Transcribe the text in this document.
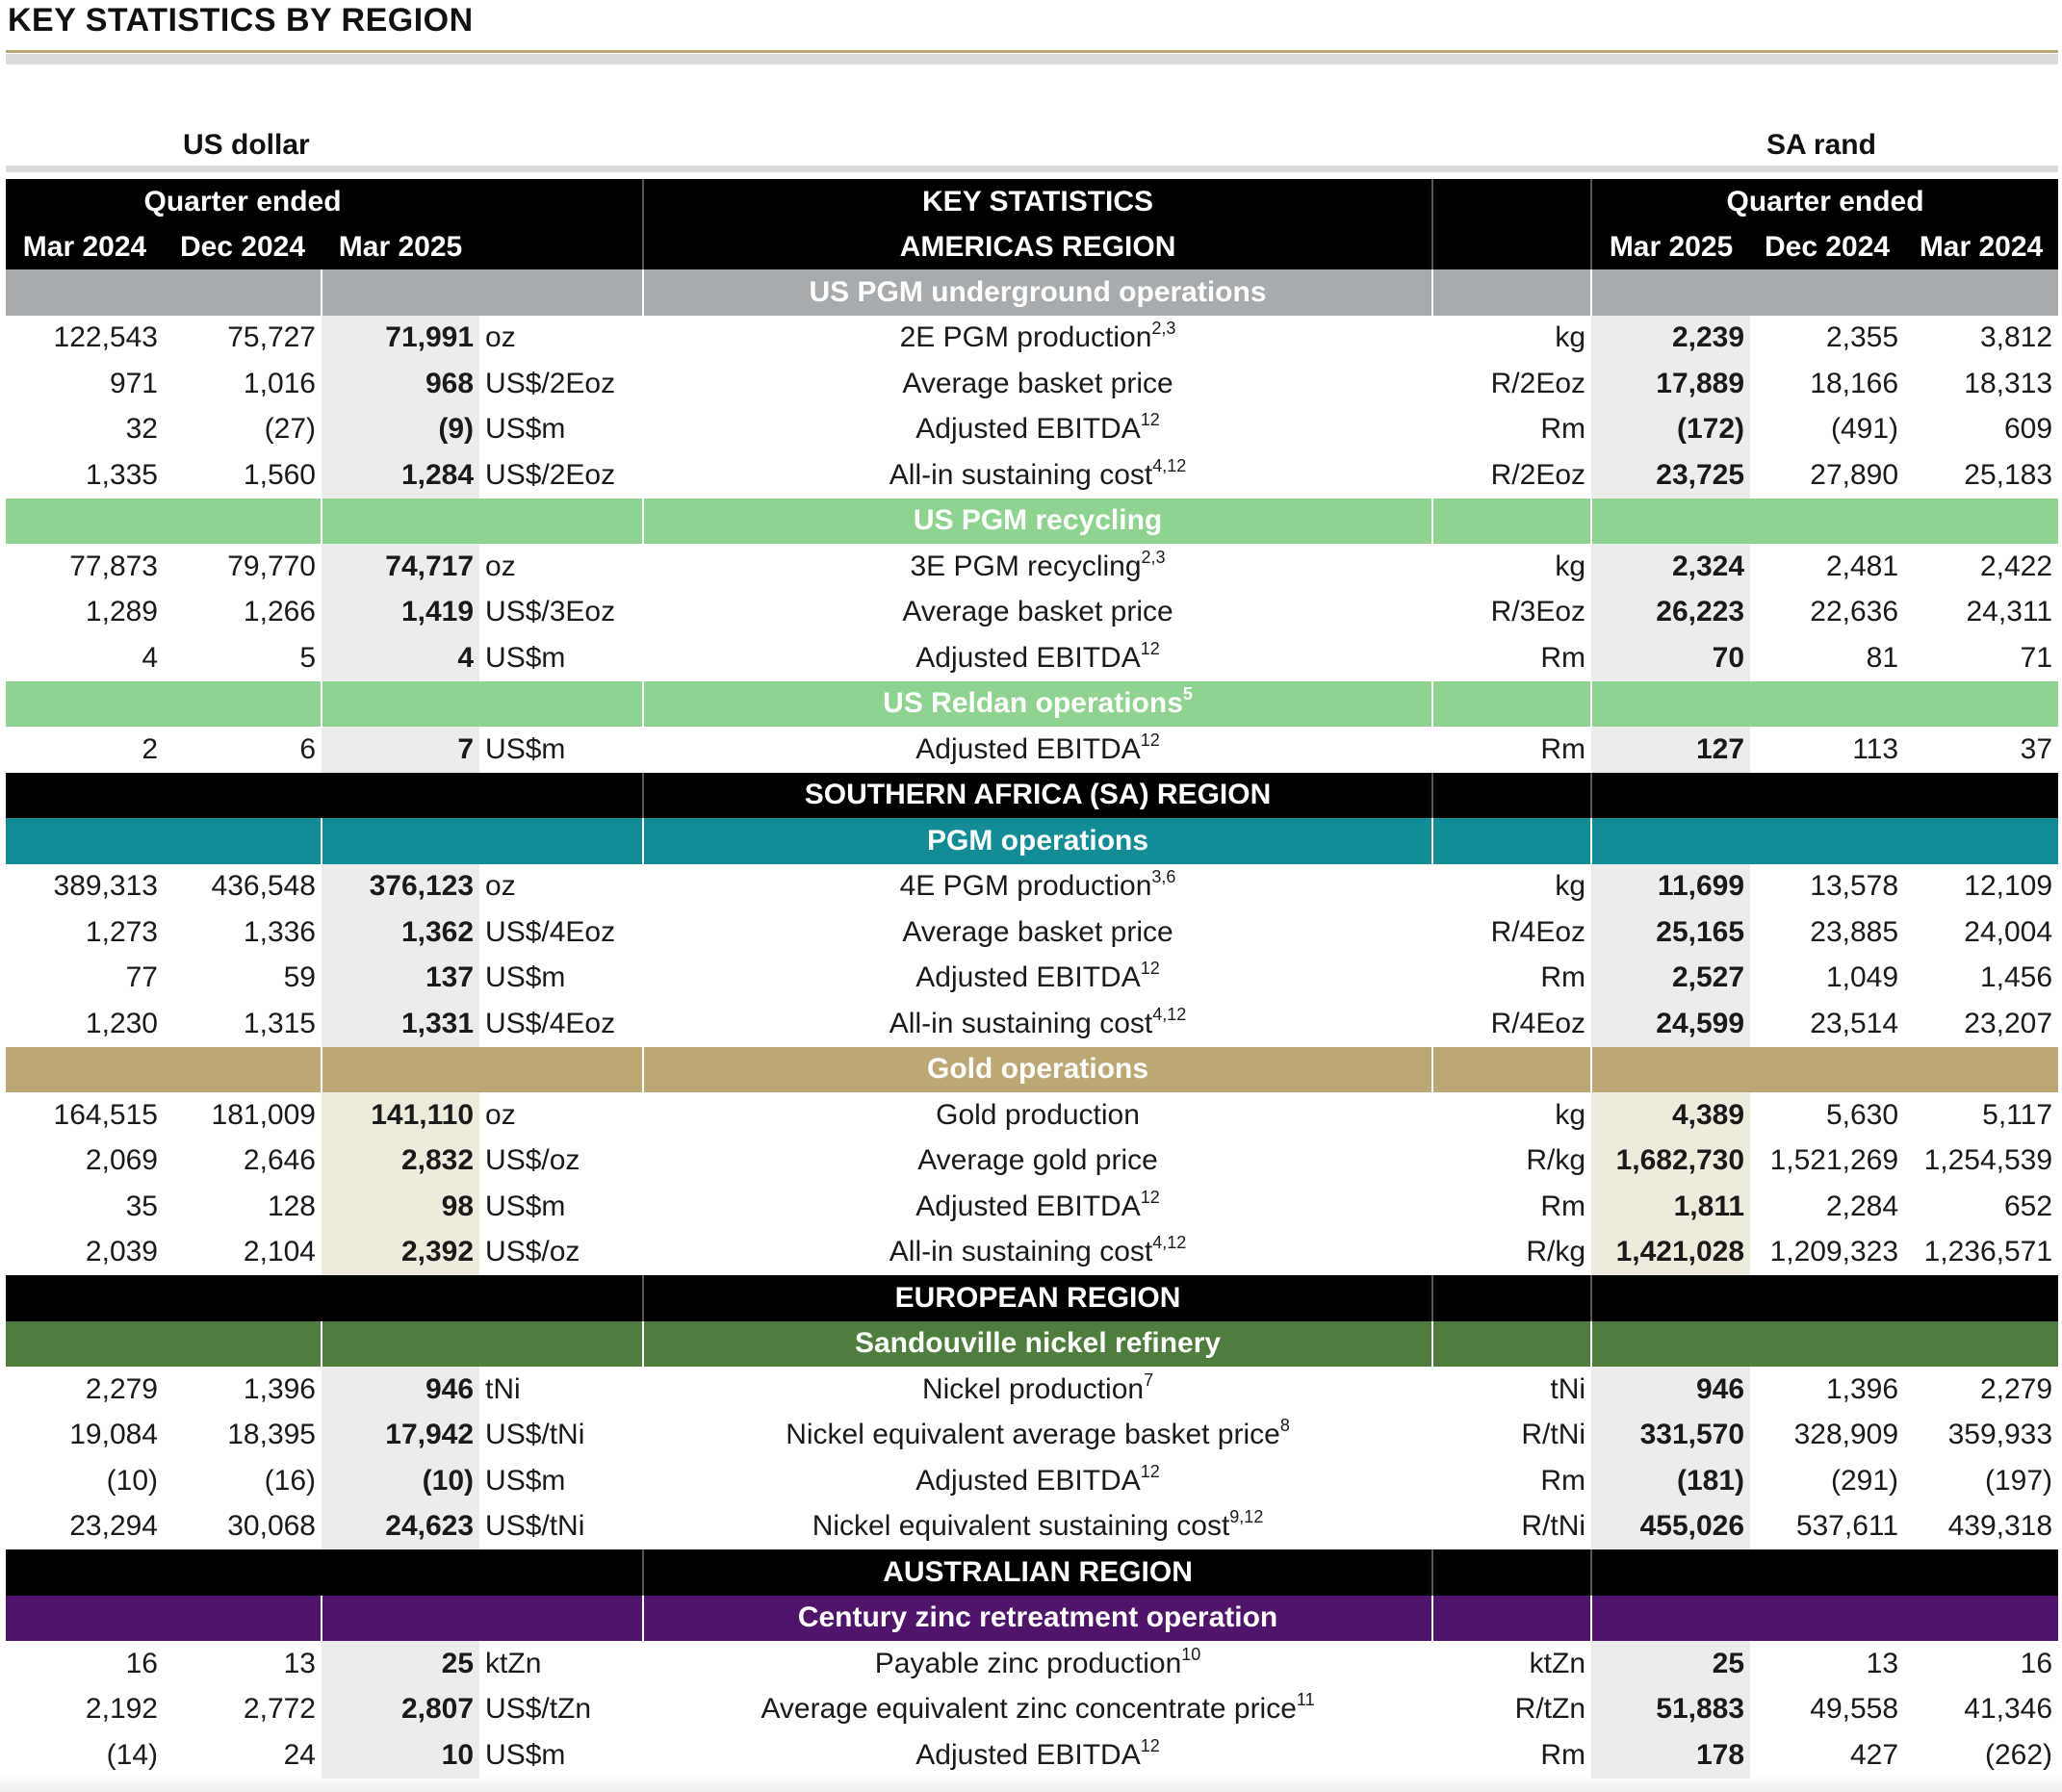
KEY STATISTICS BY REGION
US dollar	SA rand
Quarter ended				KEY STATISTICS		Quarter ended		
Mar 2024	Dec 2024	Mar 2025		AMERICAS REGION		Mar 2025	Dec 2024	Mar 2024
				US PGM underground operations				
122,543	75,727	71,991	oz	2E PGM production$^{2,3}$	kg	2,239	2,355	3,812
971	1,016	968	US$/2Eoz	Average basket price	R/2Eoz	17,889	18,166	18,313
32	(27)	(9)	US$m	Adjusted EBITDA$^{12}$	Rm	(172)	(491)	609
1,335	1,560	1,284	US$/2Eoz	All-in sustaining cost$^{4,12}$	R/2Eoz	23,725	27,890	25,183
				US PGM recycling				
77,873	79,770	74,717	oz	3E PGM recycling$^{2,3}$	kg	2,324	2,481	2,422
1,289	1,266	1,419	US$/3Eoz	Average basket price	R/3Eoz	26,223	22,636	24,311
4	5	4	US$m	Adjusted EBITDA$^{12}$	Rm	70	81	71
				US Reldan operations$^5$				
2	6	7	US$m	Adjusted EBITDA$^{12}$	Rm	127	113	37
				SOUTHERN AFRICA (SA) REGION				
				PGM operations				
389,313	436,548	376,123	oz	4E PGM production$^{3,6}$	kg	11,699	13,578	12,109
1,273	1,336	1,362	US$/4Eoz	Average basket price	R/4Eoz	25,165	23,885	24,004
77	59	137	US$m	Adjusted EBITDA$^{12}$	Rm	2,527	1,049	1,456
1,230	1,315	1,331	US$/4Eoz	All-in sustaining cost$^{4,12}$	R/4Eoz	24,599	23,514	23,207
				Gold operations				
164,515	181,009	141,110	oz	Gold production	kg	4,389	5,630	5,117
2,069	2,646	2,832	US$/oz	Average gold price	R/kg	1,682,730	1,521,269	1,254,539
35	128	98	US$m	Adjusted EBITDA$^{12}$	Rm	1,811	2,284	652
2,039	2,104	2,392	US$/oz	All-in sustaining cost$^{4,12}$	R/kg	1,421,028	1,209,323	1,236,571
				EUROPEAN REGION				
				Sandouville nickel refinery				
2,279	1,396	946	tNi	Nickel production$^7$	tNi	946	1,396	2,279
19,084	18,395	17,942	US$/tNi	Nickel equivalent average basket price$^8$	R/tNi	331,570	328,909	359,933
(10)	(16)	(10)	US$m	Adjusted EBITDA$^{12}$	Rm	(181)	(291)	(197)
23,294	30,068	24,623	US$/tNi	Nickel equivalent sustaining cost$^{9,12}$	R/tNi	455,026	537,611	439,318
				AUSTRALIAN REGION				
				Century zinc retreatment operation				
16	13	25	ktZn	Payable zinc production$^{10}$	ktZn	25	13	16
2,192	2,772	2,807	US$/tZn	Average equivalent zinc concentrate price$^{11}$	R/tZn	51,883	49,558	41,346
(14)	24	10	US$m	Adjusted EBITDA$^{12}$	Rm	178	427	(262)
